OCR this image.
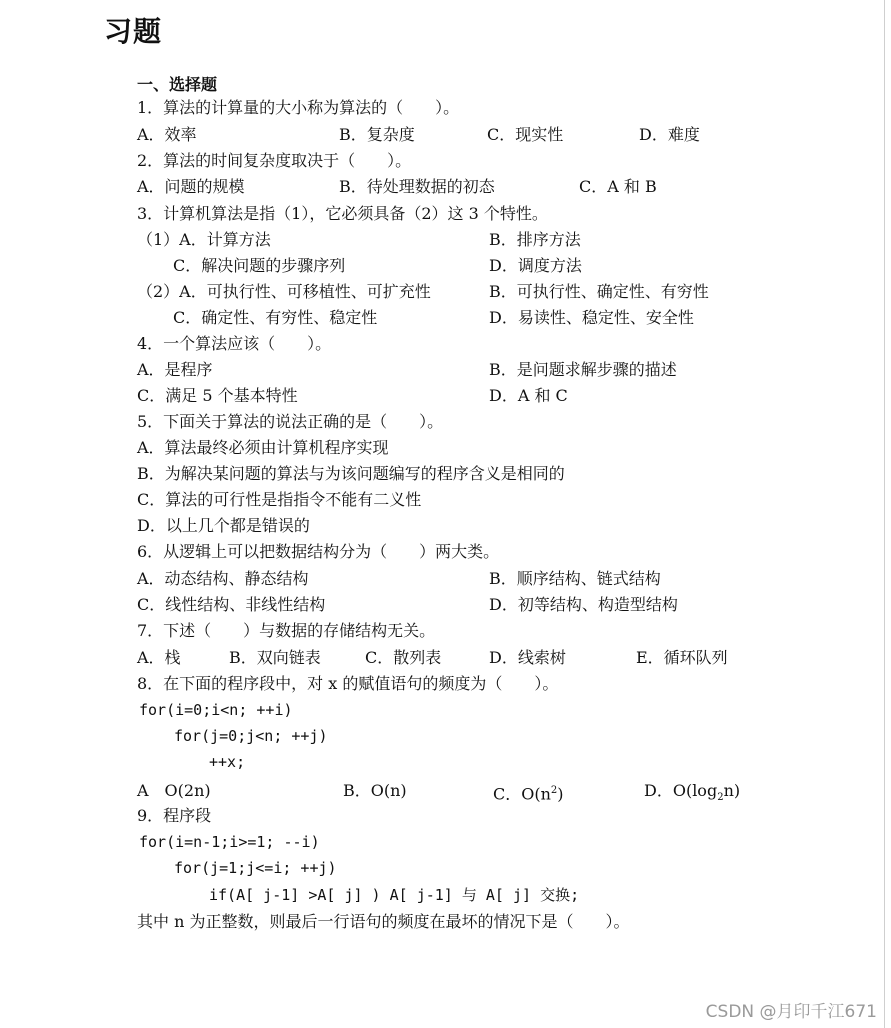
习题
一、选择题
1．算法的计算量的大小称为算法的（　　）。
A．效率	B．复杂度	C．现实性	D．难度
2．算法的时间复杂度取决于（　　）。
A．问题的规模	B．待处理数据的初态	C．A 和 B
3．计算机算法是指（1），它必须具备（2）这 3 个特性。
（1）A．计算方法	B．排序方法
C．解决问题的步骤序列	D．调度方法
（2）A．可执行性、可移植性、可扩充性	B．可执行性、确定性、有穷性
C．确定性、有穷性、稳定性	D．易读性、稳定性、安全性
4．一个算法应该（　　）。
A．是程序	B．是问题求解步骤的描述
C．满足 5 个基本特性	D．A 和 C
5．下面关于算法的说法正确的是（　　）。
A．算法最终必须由计算机程序实现
B．为解决某问题的算法与为该问题编写的程序含义是相同的
C．算法的可行性是指指令不能有二义性
D．以上几个都是错误的
6．从逻辑上可以把数据结构分为（　　）两大类。
A．动态结构、静态结构	B．顺序结构、链式结构
C．线性结构、非线性结构	D．初等结构、构造型结构
7．下述（　　）与数据的存储结构无关。
A．栈	B．双向链表	C．散列表	D．线索树	E．循环队列
8．在下面的程序段中，对 x 的赋值语句的频度为（　　）。
for(i=0;i<n; ++i)
for(j=0;j<n; ++j)
++x;
A　O(2n)	B．O(n)	C．$O(n^2)$	D．$O(\log_2n)$
9．程序段
for(i=n-1;i>=1; --i)
for(j=1;j<=i; ++j)
if(A[ j-1] >A[ j] ) A[ j-1] 与 A[ j] 交换;
其中 n 为正整数，则最后一行语句的频度在最坏的情况下是（　　）。
CSDN @月印千江671
